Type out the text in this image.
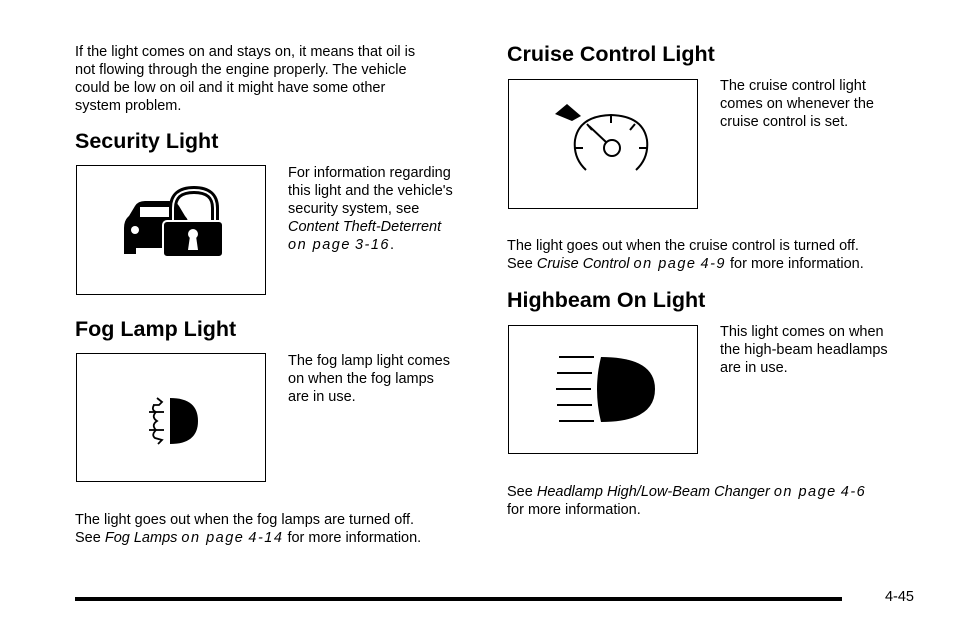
If the light comes on and stays on, it means that oil is
not flowing through the engine properly. The vehicle
could be low on oil and it might have some other
system problem.

Security Light

For information regarding
this light and the vehicle's
security system, see
Content Theft-Deterrent
on page 3-16.

Fog Lamp Light

The fog lamp light comes
on when the fog lamps
are in use.

The light goes out when the fog lamps are turned off.
See Fog Lamps on page 4-14 for more information.

Cruise Control Light

The cruise control light
comes on whenever the
cruise control is set.

The light goes out when the cruise control is turned off.
See Cruise Control on page 4-9 for more information.

Highbeam On Light

This light comes on when
the high-beam headlamps
are in use.

See Headlamp High/Low-Beam Changer on page 4-6
for more information.

4-45
